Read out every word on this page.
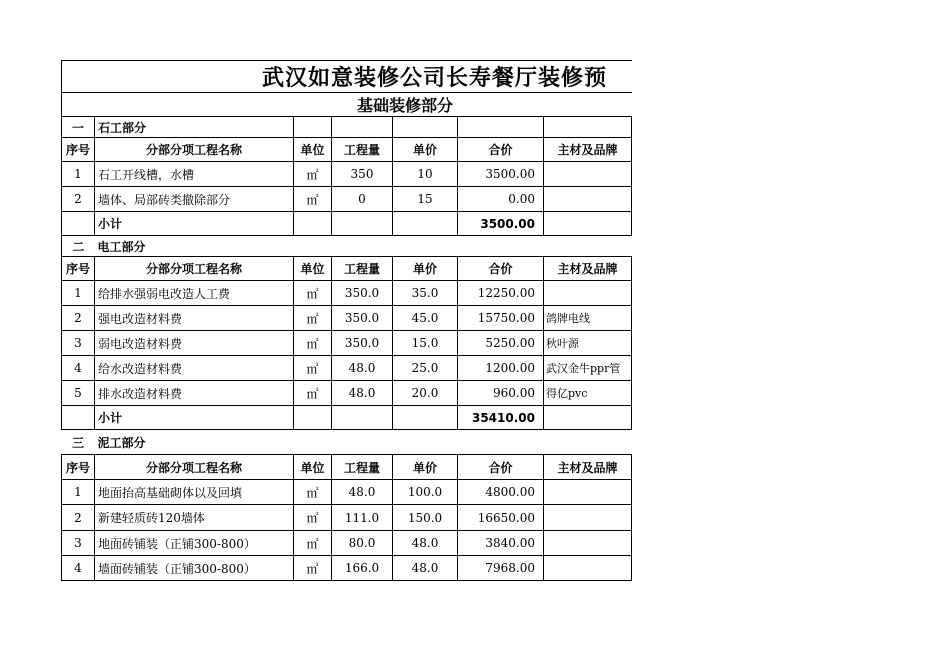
武汉如意装修公司长寿餐厅装修预						
基础装修部分						
一	石工部分					
序号	分部分项工程名称	单位	工程量	单价	合价	主材及品牌
1	石工开线槽，水槽	㎡	350	10	3500.00	
2	墙体、局部砖类撤除部分	㎡	0	15	0.00	
	小计				3500.00	
二	电工部分					
序号	分部分项工程名称	单位	工程量	单价	合价	主材及品牌
1	给排水强弱电改造人工费	㎡	350.0	35.0	12250.00	
2	强电改造材料费	㎡	350.0	45.0	15750.00	鸽牌电线
3	弱电改造材料费	㎡	350.0	15.0	5250.00	秋叶源
4	给水改造材料费	㎡	48.0	25.0	1200.00	武汉金牛ppr管
5	排水改造材料费	㎡	48.0	20.0	960.00	得亿pvc
	小计				35410.00	
三	泥工部分					
序号	分部分项工程名称	单位	工程量	单价	合价	主材及品牌
1	地面抬高基础砌体以及回填	㎡	48.0	100.0	4800.00	
2	新建轻质砖120墙体	㎡	111.0	150.0	16650.00	
3	地面砖铺装（正铺300-800）	㎡	80.0	48.0	3840.00	
4	墙面砖铺装（正铺300-800）	㎡	166.0	48.0	7968.00	
